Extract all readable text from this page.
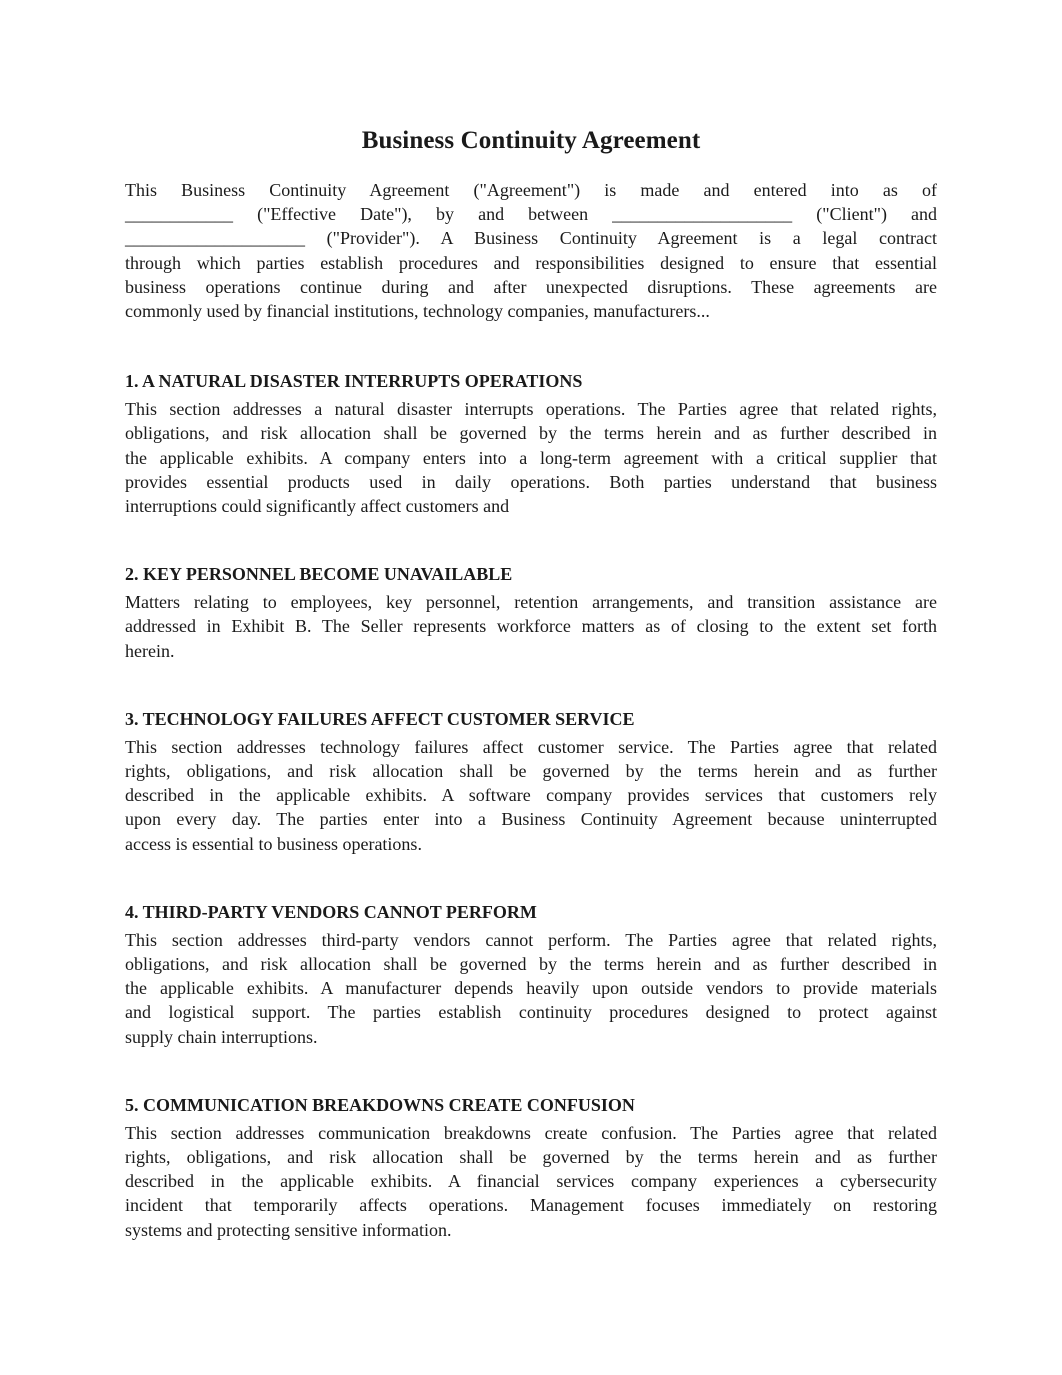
Business Continuity Agreement

This Business Continuity Agreement ("Agreement") is made and entered into as of
____________ ("Effective Date"), by and between ____________________ ("Client") and
____________________ ("Provider"). A Business Continuity Agreement is a legal contract
through which parties establish procedures and responsibilities designed to ensure that essential
business operations continue during and after unexpected disruptions. These agreements are
commonly used by financial institutions, technology companies, manufacturers...

1. A NATURAL DISASTER INTERRUPTS OPERATIONS

This section addresses a natural disaster interrupts operations. The Parties agree that related rights,
obligations, and risk allocation shall be governed by the terms herein and as further described in
the applicable exhibits. A company enters into a long-term agreement with a critical supplier that
provides essential products used in daily operations. Both parties understand that business
interruptions could significantly affect customers and

2. KEY PERSONNEL BECOME UNAVAILABLE

Matters relating to employees, key personnel, retention arrangements, and transition assistance are
addressed in Exhibit B. The Seller represents workforce matters as of closing to the extent set forth
herein.

3. TECHNOLOGY FAILURES AFFECT CUSTOMER SERVICE

This section addresses technology failures affect customer service. The Parties agree that related
rights, obligations, and risk allocation shall be governed by the terms herein and as further
described in the applicable exhibits. A software company provides services that customers rely
upon every day. The parties enter into a Business Continuity Agreement because uninterrupted
access is essential to business operations.

4. THIRD-PARTY VENDORS CANNOT PERFORM

This section addresses third-party vendors cannot perform. The Parties agree that related rights,
obligations, and risk allocation shall be governed by the terms herein and as further described in
the applicable exhibits. A manufacturer depends heavily upon outside vendors to provide materials
and logistical support. The parties establish continuity procedures designed to protect against
supply chain interruptions.

5. COMMUNICATION BREAKDOWNS CREATE CONFUSION

This section addresses communication breakdowns create confusion. The Parties agree that related
rights, obligations, and risk allocation shall be governed by the terms herein and as further
described in the applicable exhibits. A financial services company experiences a cybersecurity
incident that temporarily affects operations. Management focuses immediately on restoring
systems and protecting sensitive information.
